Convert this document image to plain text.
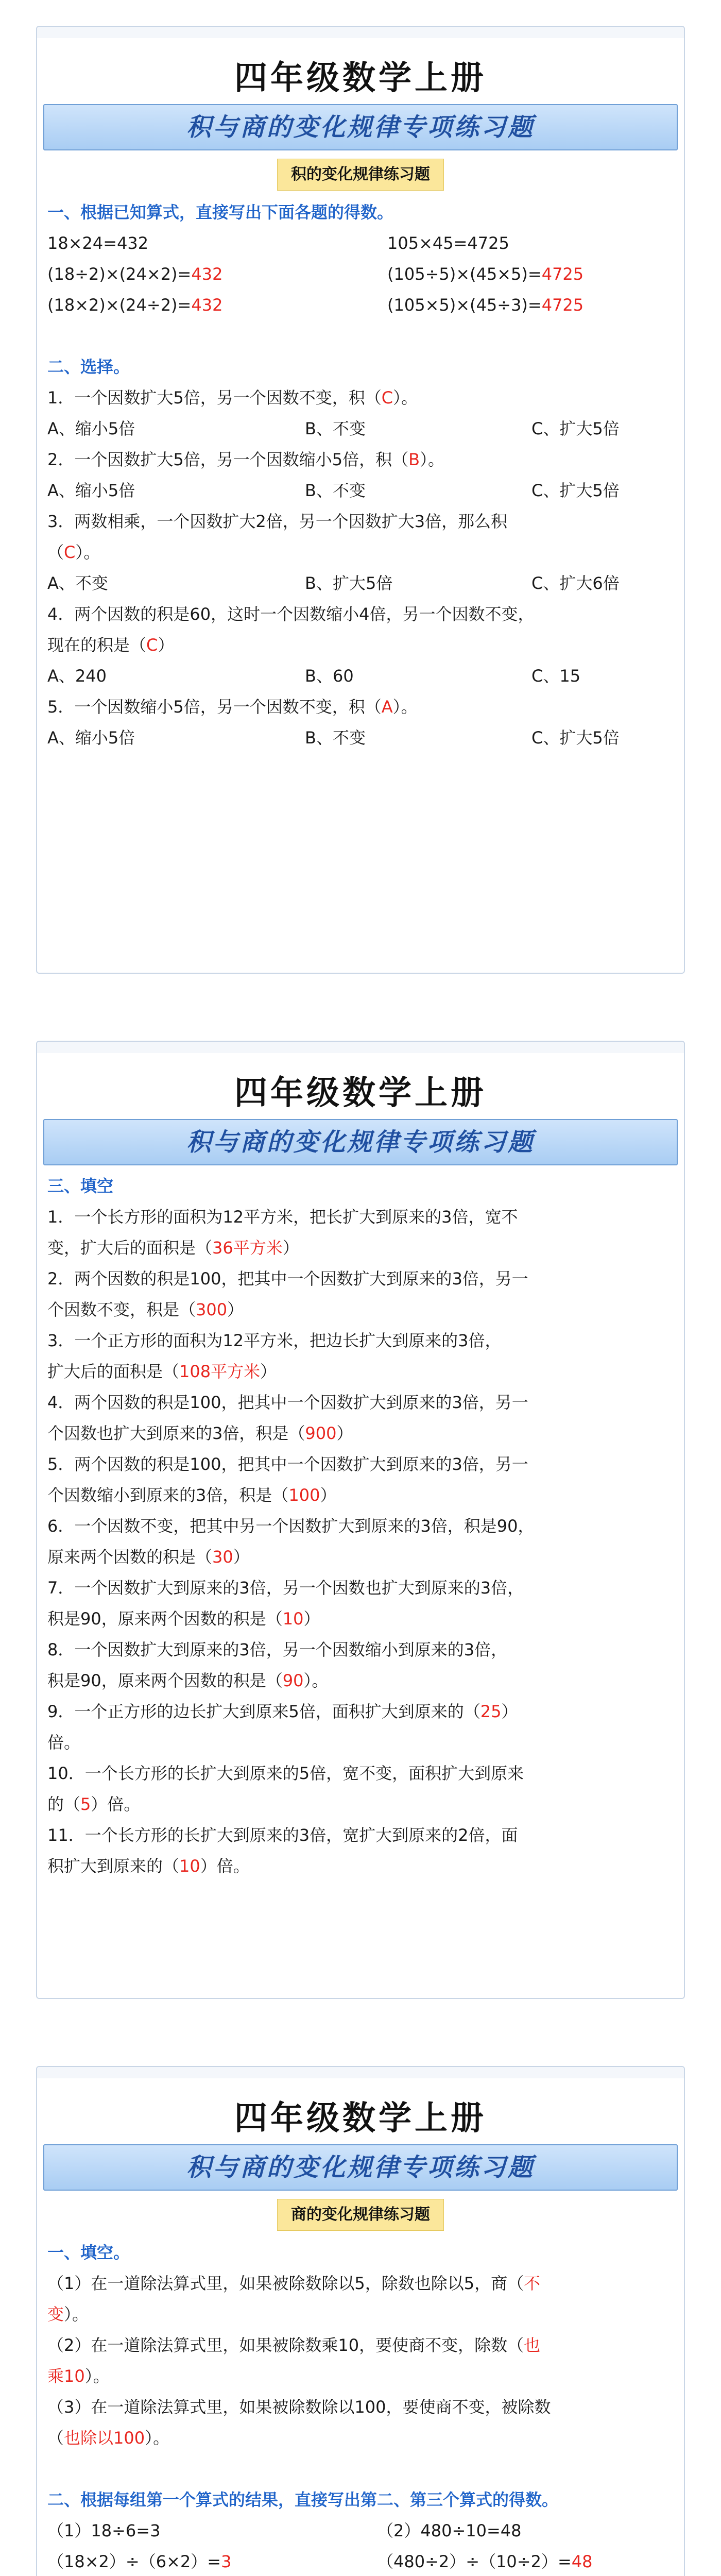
四年级数学上册
积与商的变化规律专项练习题
积的变化规律练习题
一、根据已知算式，直接写出下面各题的得数。
18×24=432	105×45=4725
(18÷2)×(24×2)=432	(105÷5)×(45×5)=4725
(18×2)×(24÷2)=432	(105×5)×(45÷3)=4725
二、选择。
1．一个因数扩大5倍，另一个因数不变，积（C）。
A、缩小5倍	B、不变	C、扩大5倍
2．一个因数扩大5倍，另一个因数缩小5倍，积（B）。
A、缩小5倍	B、不变	C、扩大5倍
3．两数相乘，一个因数扩大2倍，另一个因数扩大3倍，那么积
（C）。
A、不变	B、扩大5倍	C、扩大6倍
4．两个因数的积是60，这时一个因数缩小4倍，另一个因数不变，
现在的积是（C）
A、240	B、60	C、15
5．一个因数缩小5倍，另一个因数不变，积（A）。
A、缩小5倍	B、不变	C、扩大5倍
四年级数学上册
积与商的变化规律专项练习题
三、填空
1．一个长方形的面积为12平方米，把长扩大到原来的3倍，宽不
变，扩大后的面积是（36平方米）
2．两个因数的积是100，把其中一个因数扩大到原来的3倍，另一
个因数不变，积是（300）
3．一个正方形的面积为12平方米，把边长扩大到原来的3倍，
扩大后的面积是（108平方米）
4．两个因数的积是100，把其中一个因数扩大到原来的3倍，另一
个因数也扩大到原来的3倍，积是（900）
5．两个因数的积是100，把其中一个因数扩大到原来的3倍，另一
个因数缩小到原来的3倍，积是（100）
6．一个因数不变，把其中另一个因数扩大到原来的3倍，积是90，
原来两个因数的积是（30）
7．一个因数扩大到原来的3倍，另一个因数也扩大到原来的3倍，
积是90，原来两个因数的积是（10）
8．一个因数扩大到原来的3倍，另一个因数缩小到原来的3倍，
积是90，原来两个因数的积是（90）。
9．一个正方形的边长扩大到原来5倍，面积扩大到原来的（25）
倍。
10．一个长方形的长扩大到原来的5倍，宽不变，面积扩大到原来
的（5）倍。
11．一个长方形的长扩大到原来的3倍，宽扩大到原来的2倍，面
积扩大到原来的（10）倍。
四年级数学上册
积与商的变化规律专项练习题
商的变化规律练习题
一、填空。
（1）在一道除法算式里，如果被除数除以5，除数也除以5，商（不
变）。
（2）在一道除法算式里，如果被除数乘10，要使商不变，除数（也
乘10）。
（3）在一道除法算式里，如果被除数除以100，要使商不变，被除数
（也除以100）。
二、根据每组第一个算式的结果，直接写出第二、第三个算式的得数。
（1）18÷6=3	（2）480÷10=48
（18×2）÷（6×2）=3	（480÷2）÷（10÷2）=48
